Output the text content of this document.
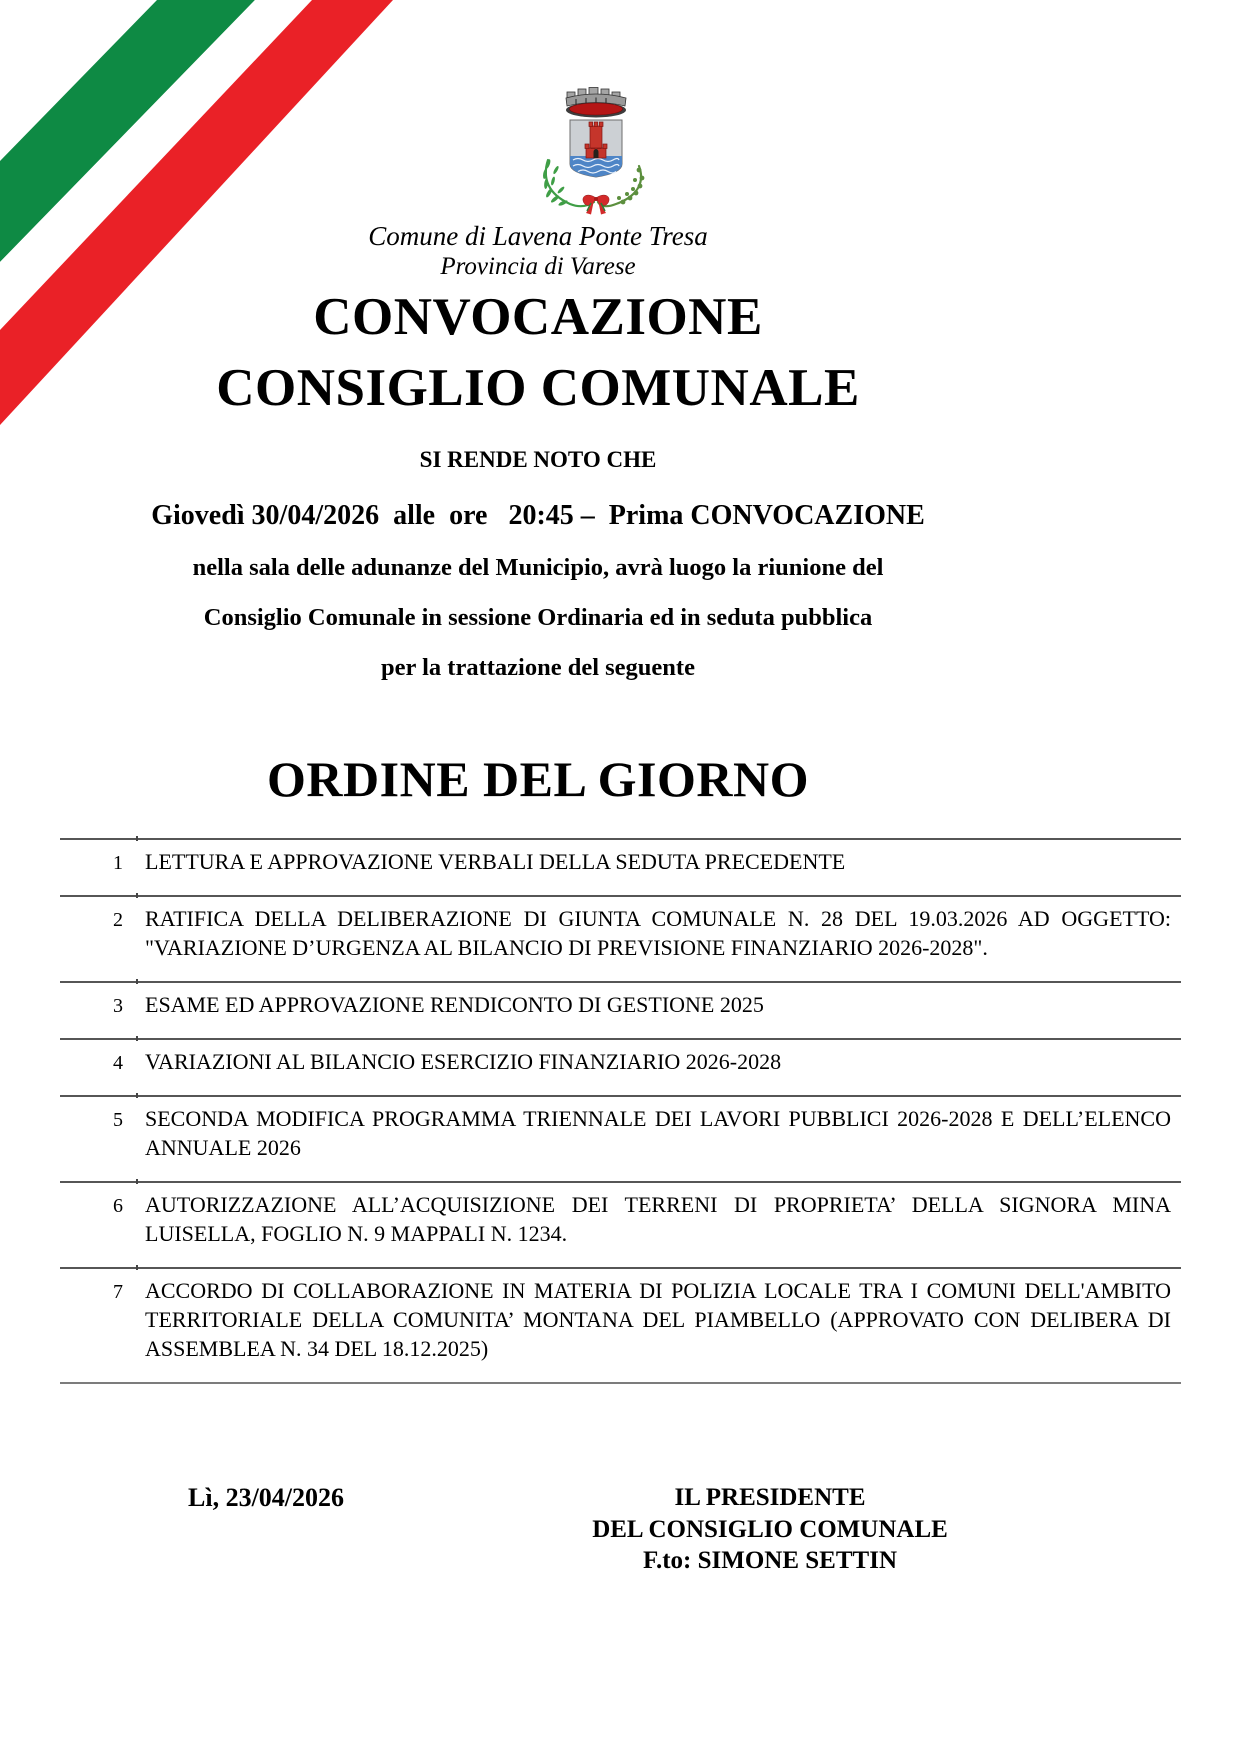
Comune di Lavena Ponte Tresa
Provincia di Varese
CONVOCAZIONE
CONSIGLIO COMUNALE
SI RENDE NOTO CHE
Giovedì 30/04/2026  alle  ore   20:45 –  Prima CONVOCAZIONE
nella sala delle adunanze del Municipio, avrà luogo la riunione del
Consiglio Comunale in sessione Ordinaria ed in seduta pubblica
per la trattazione del seguente
ORDINE DEL GIORNO
1	LETTURA E APPROVAZIONE VERBALI DELLA SEDUTA PRECEDENTE
2	RATIFICA DELLA DELIBERAZIONE DI GIUNTA COMUNALE N. 28 DEL 19.03.2026 AD OGGETTO: "VARIAZIONE D’URGENZA AL BILANCIO DI PREVISIONE FINANZIARIO 2026-2028".
3	ESAME ED APPROVAZIONE RENDICONTO DI GESTIONE 2025
4	VARIAZIONI AL BILANCIO ESERCIZIO FINANZIARIO 2026-2028
5	SECONDA MODIFICA PROGRAMMA TRIENNALE DEI LAVORI PUBBLICI 2026-2028 E DELL’ELENCO ANNUALE 2026
6	AUTORIZZAZIONE ALL’ACQUISIZIONE DEI TERRENI DI PROPRIETA’ DELLA SIGNORA MINA LUISELLA, FOGLIO N. 9 MAPPALI N. 1234.
7	ACCORDO DI COLLABORAZIONE IN MATERIA DI POLIZIA LOCALE TRA I COMUNI DELL'AMBITO TERRITORIALE DELLA COMUNITA’ MONTANA DEL PIAMBELLO (APPROVATO CON DELIBERA DI ASSEMBLEA N. 34 DEL 18.12.2025)
Lì, 23/04/2026	IL PRESIDENTE
DEL CONSIGLIO COMUNALE
F.to: SIMONE SETTIN
